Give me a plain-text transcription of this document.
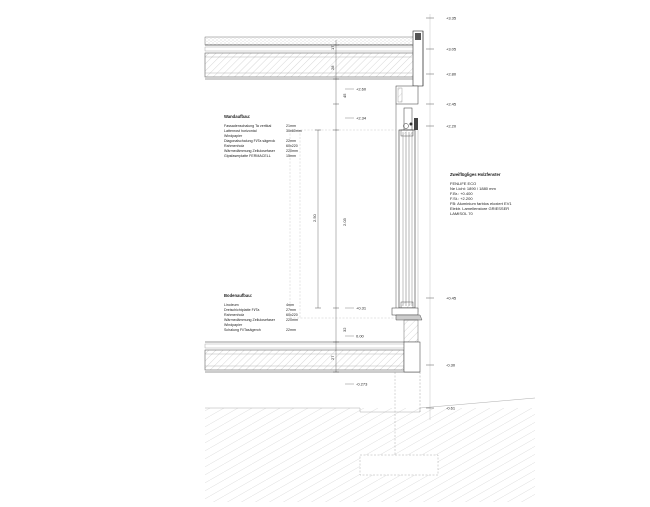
+3.35
+3.05
+2.80
+2.45
+2.20
+0.45
-0.30
-0.61
17
28
45
2.50
2.03
32
27
+2.60
+2.34
+0.31
0.00
-0.273
Wandaufbau:
Fassadenschalung Ta vertikal	21mm
Lattenrost horizontal	30x60mm
Windpapier
Diagonalschalung Fi/Ta sägerok	22mm
Rahmenholz	60x220
Wärmedämmung Zellulosefaser	220mm
Gipsfaserplatte FERMACELL	15mm
Bodenaufbau:
Linoleum	4mm
Dreischichtplatte Fi/Ta	27mm
Rahmenholz	60x220
Wärmedämmung Zellulosefaser	220mm
Windpapier
Schalung Fi/Tasägeroh	22mm
Zweiflügliges Holzfenster
FENLIFE ECO
Ne Licht: 1890 / 1880 mm
F.Br.: +0.400
F.St.: +2.200
FB: Aluminium farblos eloxiert EV1
Elektr. Lamellenstore GRIESSER
LAMISOL 70
